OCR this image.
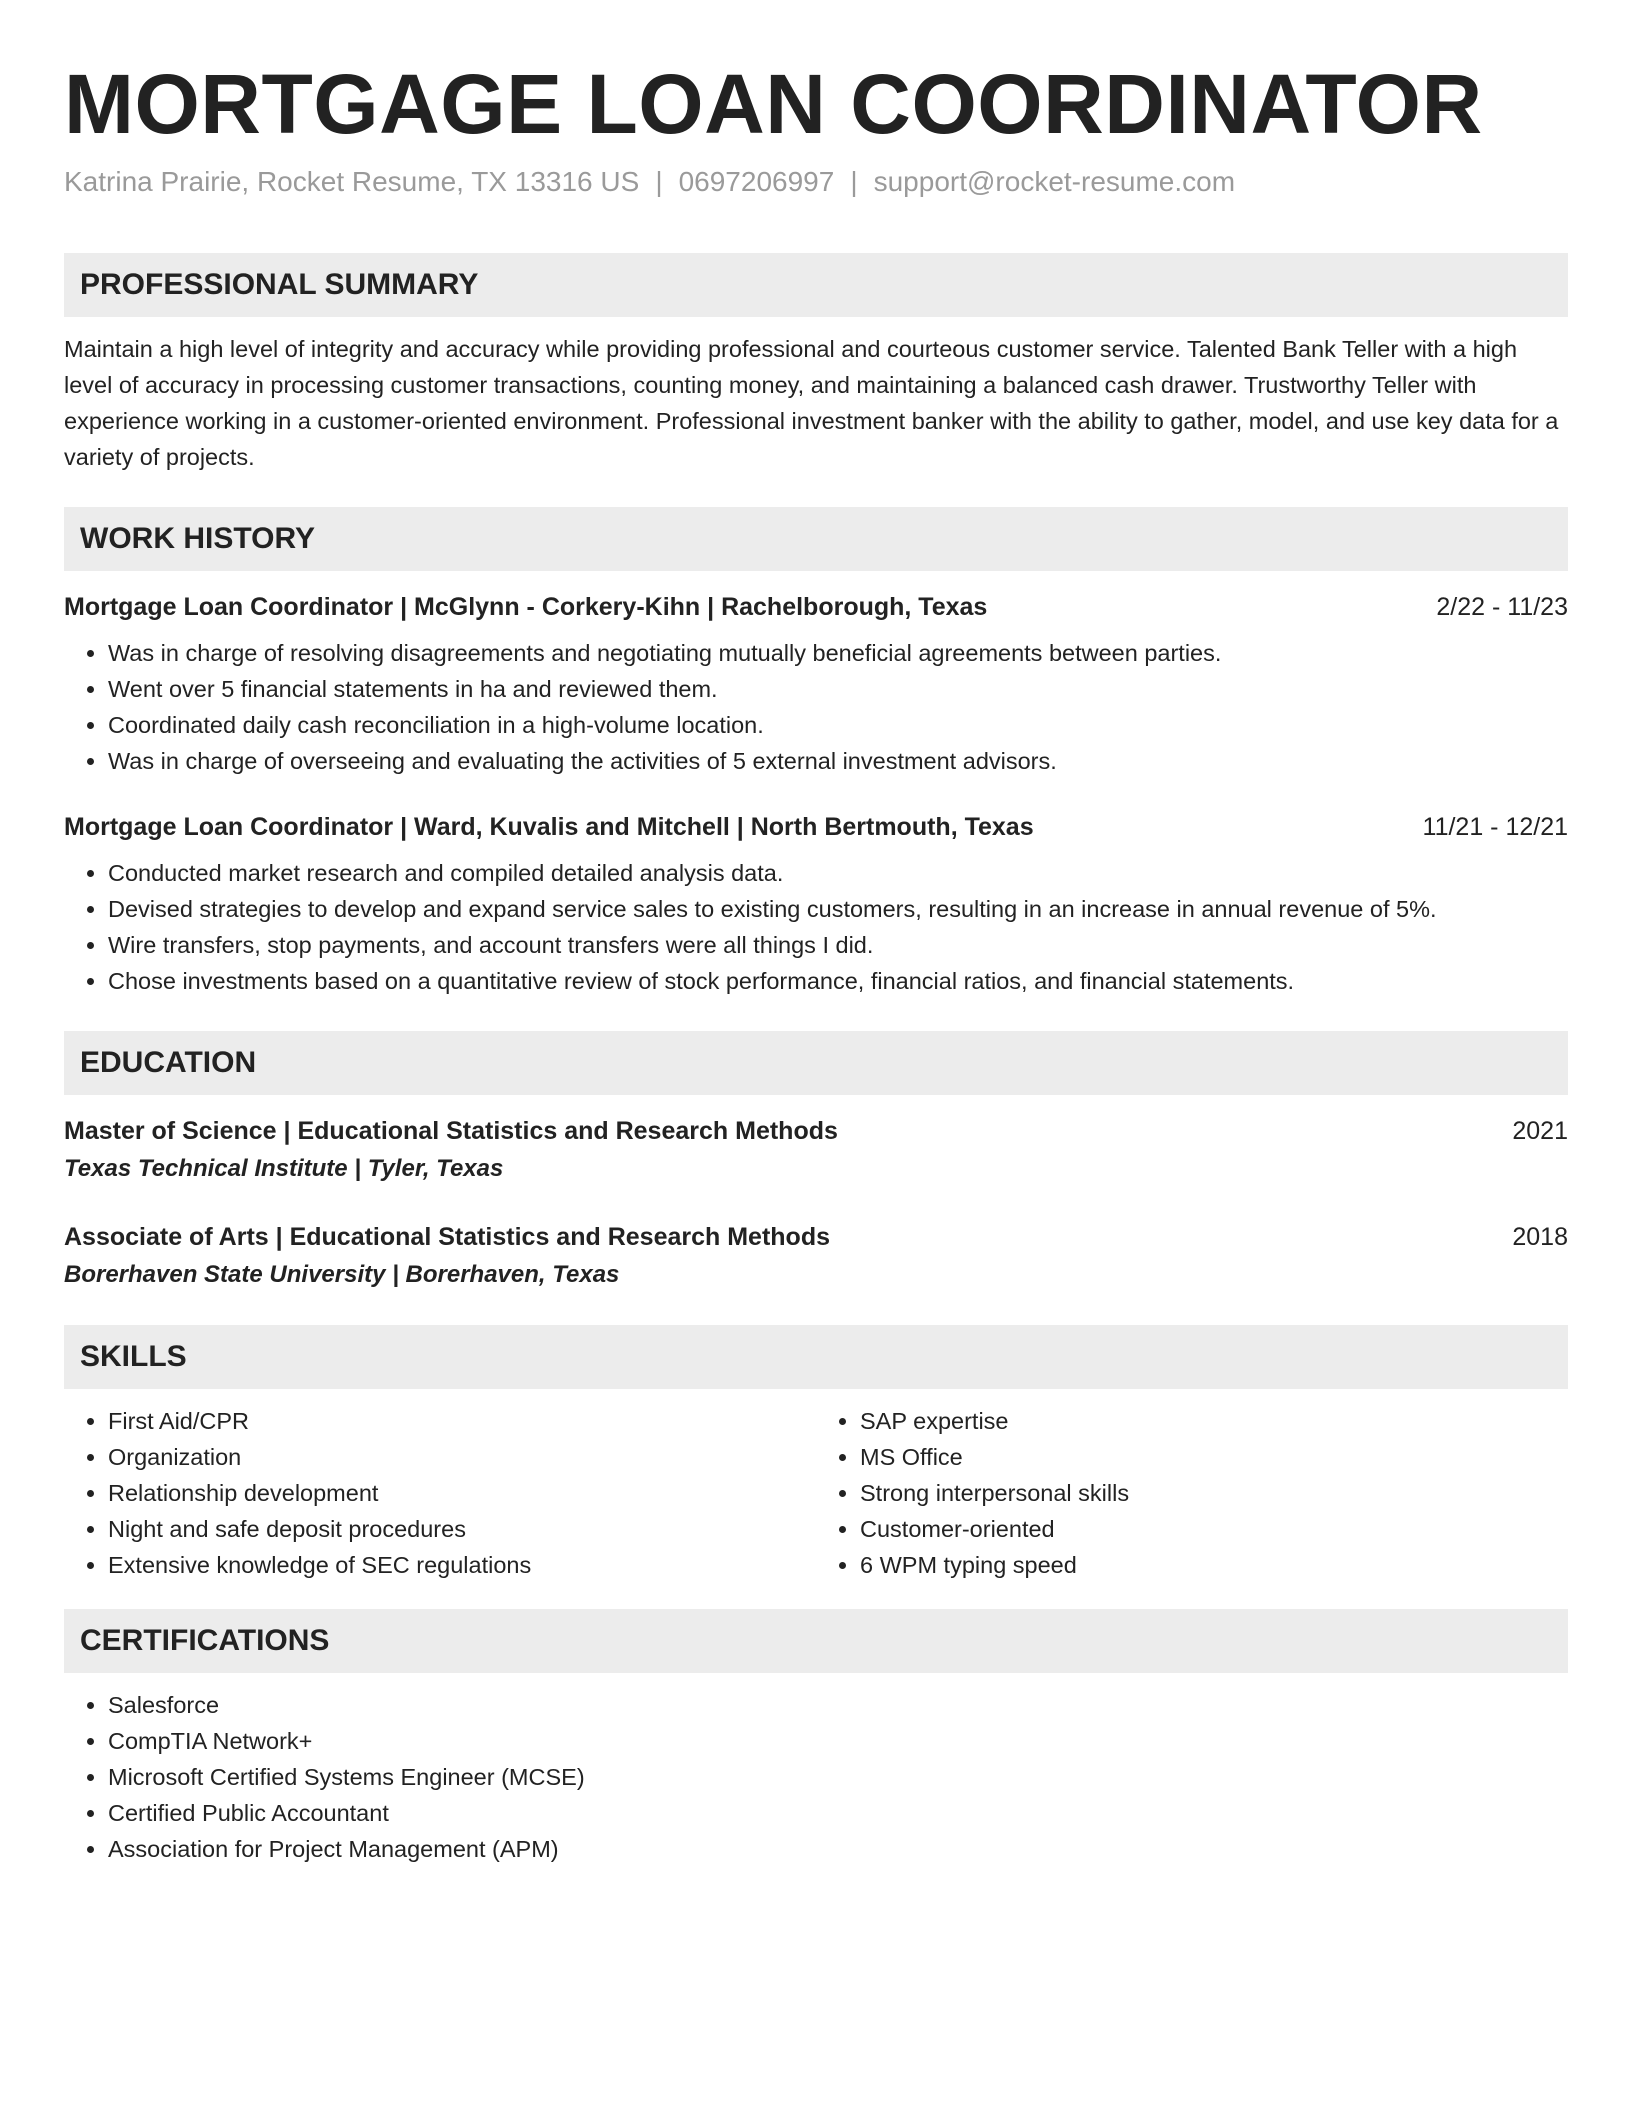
MORTGAGE LOAN COORDINATOR
Katrina Prairie, Rocket Resume, TX 13316 US | 0697206997 | support@rocket-resume.com
PROFESSIONAL SUMMARY
Maintain a high level of integrity and accuracy while providing professional and courteous customer service. Talented Bank Teller with a high level of accuracy in processing customer transactions, counting money, and maintaining a balanced cash drawer. Trustworthy Teller with experience working in a customer-oriented environment. Professional investment banker with the ability to gather, model, and use key data for a variety of projects.
WORK HISTORY
Mortgage Loan Coordinator | McGlynn - Corkery-Kihn | Rachelborough, Texas	2/22 - 11/23
• Was in charge of resolving disagreements and negotiating mutually beneficial agreements between parties.
• Went over 5 financial statements in ha and reviewed them.
• Coordinated daily cash reconciliation in a high-volume location.
• Was in charge of overseeing and evaluating the activities of 5 external investment advisors.
Mortgage Loan Coordinator | Ward, Kuvalis and Mitchell | North Bertmouth, Texas	11/21 - 12/21
• Conducted market research and compiled detailed analysis data.
• Devised strategies to develop and expand service sales to existing customers, resulting in an increase in annual revenue of 5%.
• Wire transfers, stop payments, and account transfers were all things I did.
• Chose investments based on a quantitative review of stock performance, financial ratios, and financial statements.
EDUCATION
Master of Science | Educational Statistics and Research Methods	2021
Texas Technical Institute | Tyler, Texas
Associate of Arts | Educational Statistics and Research Methods	2018
Borerhaven State University | Borerhaven, Texas
SKILLS
• First Aid/CPR
• Organization
• Relationship development
• Night and safe deposit procedures
• Extensive knowledge of SEC regulations
• SAP expertise
• MS Office
• Strong interpersonal skills
• Customer-oriented
• 6 WPM typing speed
CERTIFICATIONS
• Salesforce
• CompTIA Network+
• Microsoft Certified Systems Engineer (MCSE)
• Certified Public Accountant
• Association for Project Management (APM)
